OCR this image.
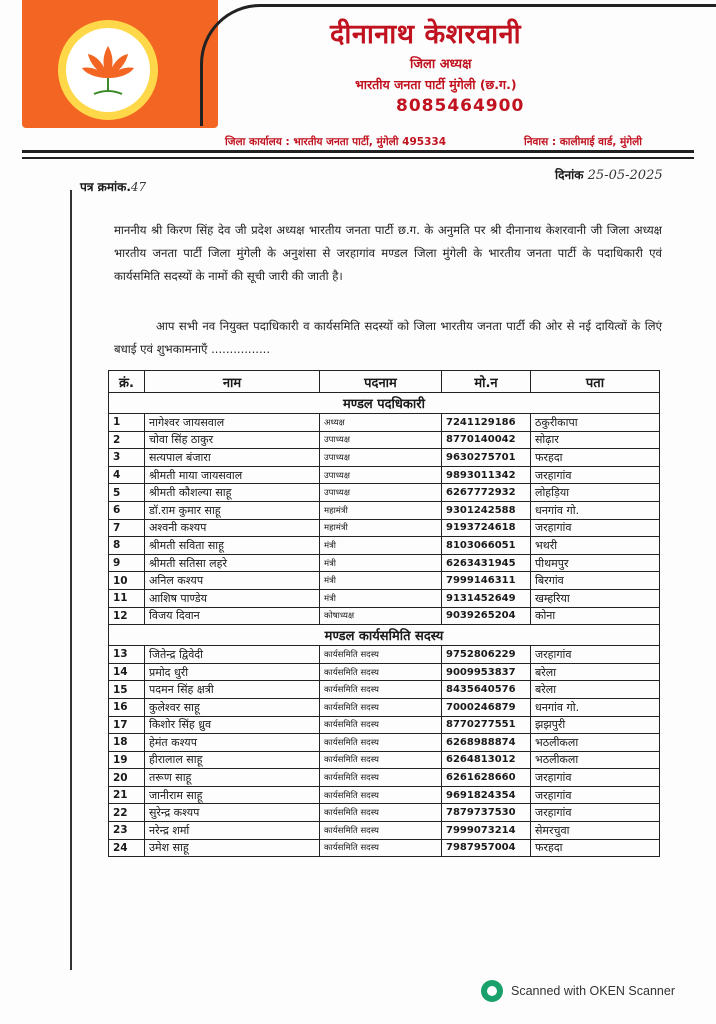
दीनानाथ केशरवानी
जिला अध्यक्ष
भारतीय जनता पार्टी मुंगेली (छ.ग.)
8085464900
जिला कार्यालय : भारतीय जनता पार्टी, मुंगेली 495334	निवास : कालीमाई वार्ड, मुंगेली
पत्र क्रमांक.47
दिनांक 25-05-2025

माननीय श्री किरण सिंह देव जी प्रदेश अध्यक्ष भारतीय जनता पार्टी छ.ग. के अनुमति पर श्री दीनानाथ केशरवानी जी जिला अध्यक्ष भारतीय जनता पार्टी जिला मुंगेली के अनुशंसा से जरहागांव मण्डल जिला मुंगेली के भारतीय जनता पार्टी के पदाधिकारी एवं कार्यसमिति सदस्यों के नामों की सूची जारी की जाती है।

आप सभी नव नियुक्त पदाधिकारी व कार्यसमिति सदस्यों को जिला भारतीय जनता पार्टी की ओर से नई दायित्वों के लिएं बधाई एवं शुभकामनाएँ ................

क्रं.	नाम	पदनाम	मो.न	पता
मण्डल पदधिकारी				
1	नागेश्वर जायसवाल	अध्यक्ष	7241129186	ठकुरीकापा
2	चोवा सिंह ठाकुर	उपाध्यक्ष	8770140042	सोढ़ार
3	सत्यपाल बंजारा	उपाध्यक्ष	9630275701	फरहदा
4	श्रीमती माया जायसवाल	उपाध्यक्ष	9893011342	जरहागांव
5	श्रीमती कौशल्या साहू	उपाध्यक्ष	6267772932	लोहड़िया
6	डॉ.राम कुमार साहू	महामंत्री	9301242588	धनगांव गो.
7	अश्वनी कश्यप	महामंत्री	9193724618	जरहागांव
8	श्रीमती सविता साहू	मंत्री	8103066051	भथरी
9	श्रीमती सतिसा लहरे	मंत्री	6263431945	पीथमपुर
10	अनिल कश्यप	मंत्री	7999146311	बिरगांव
11	आशिष पाण्डेय	मंत्री	9131452649	खम्हरिया
12	विजय दिवान	कोषाध्यक्ष	9039265204	कोना
मण्डल कार्यसमिति सदस्य				
13	जितेन्द्र द्विवेदी	कार्यसमिति सदस्य	9752806229	जरहागांव
14	प्रमोद धुरी	कार्यसमिति सदस्य	9009953837	बरेला
15	पदमन सिंह क्षत्री	कार्यसमिति सदस्य	8435640576	बरेला
16	कुलेश्वर साहू	कार्यसमिति सदस्य	7000246879	धनगांव गो.
17	किशोर सिंह ध्रुव	कार्यसमिति सदस्य	8770277551	झझपुरी
18	हेमंत कश्यप	कार्यसमिति सदस्य	6268988874	भठलीकला
19	हीरालाल साहू	कार्यसमिति सदस्य	6264813012	भठलीकला
20	तरूण साहू	कार्यसमिति सदस्य	6261628660	जरहागांव
21	जानीराम साहू	कार्यसमिति सदस्य	9691824354	जरहागांव
22	सुरेन्द्र कश्यप	कार्यसमिति सदस्य	7879737530	जरहागांव
23	नरेन्द्र शर्मा	कार्यसमिति सदस्य	7999073214	सेमरचुवा
24	उमेश साहू	कार्यसमिति सदस्य	7987957004	फरहदा
Scanned with OKEN Scanner
